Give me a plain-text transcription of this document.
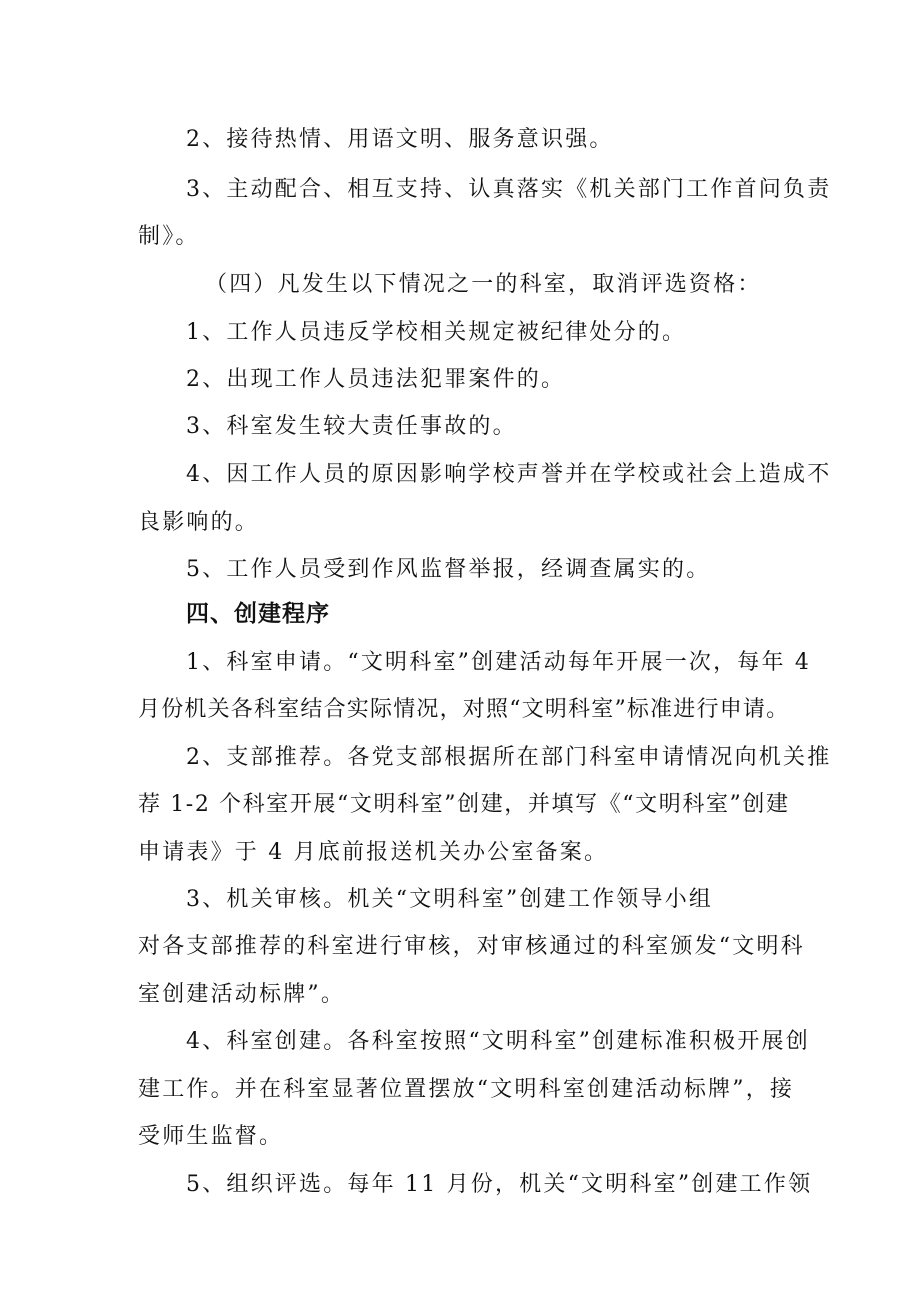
2、接待热情、用语文明、服务意识强。
3、主动配合、相互支持、认真落实《机关部门工作首问负责
制》。
（四）凡发生以下情况之一的科室，取消评选资格：
1、工作人员违反学校相关规定被纪律处分的。
2、出现工作人员违法犯罪案件的。
3、科室发生较大责任事故的。
4、因工作人员的原因影响学校声誉并在学校或社会上造成不
良影响的。
5、工作人员受到作风监督举报，经调查属实的。
四、创建程序
1、科室申请。“文明科室”创建活动每年开展一次，每年 4
月份机关各科室结合实际情况，对照“文明科室”标准进行申请。
2、支部推荐。各党支部根据所在部门科室申请情况向机关推
荐 1-2 个科室开展“文明科室”创建，并填写《“文明科室”创建
申请表》于 4 月底前报送机关办公室备案。
3、机关审核。机关“文明科室”创建工作领导小组
对各支部推荐的科室进行审核，对审核通过的科室颁发“文明科
室创建活动标牌”。
4、科室创建。各科室按照“文明科室”创建标准积极开展创
建工作。并在科室显著位置摆放“文明科室创建活动标牌”，接
受师生监督。
5、组织评选。每年 11 月份，机关“文明科室”创建工作领
